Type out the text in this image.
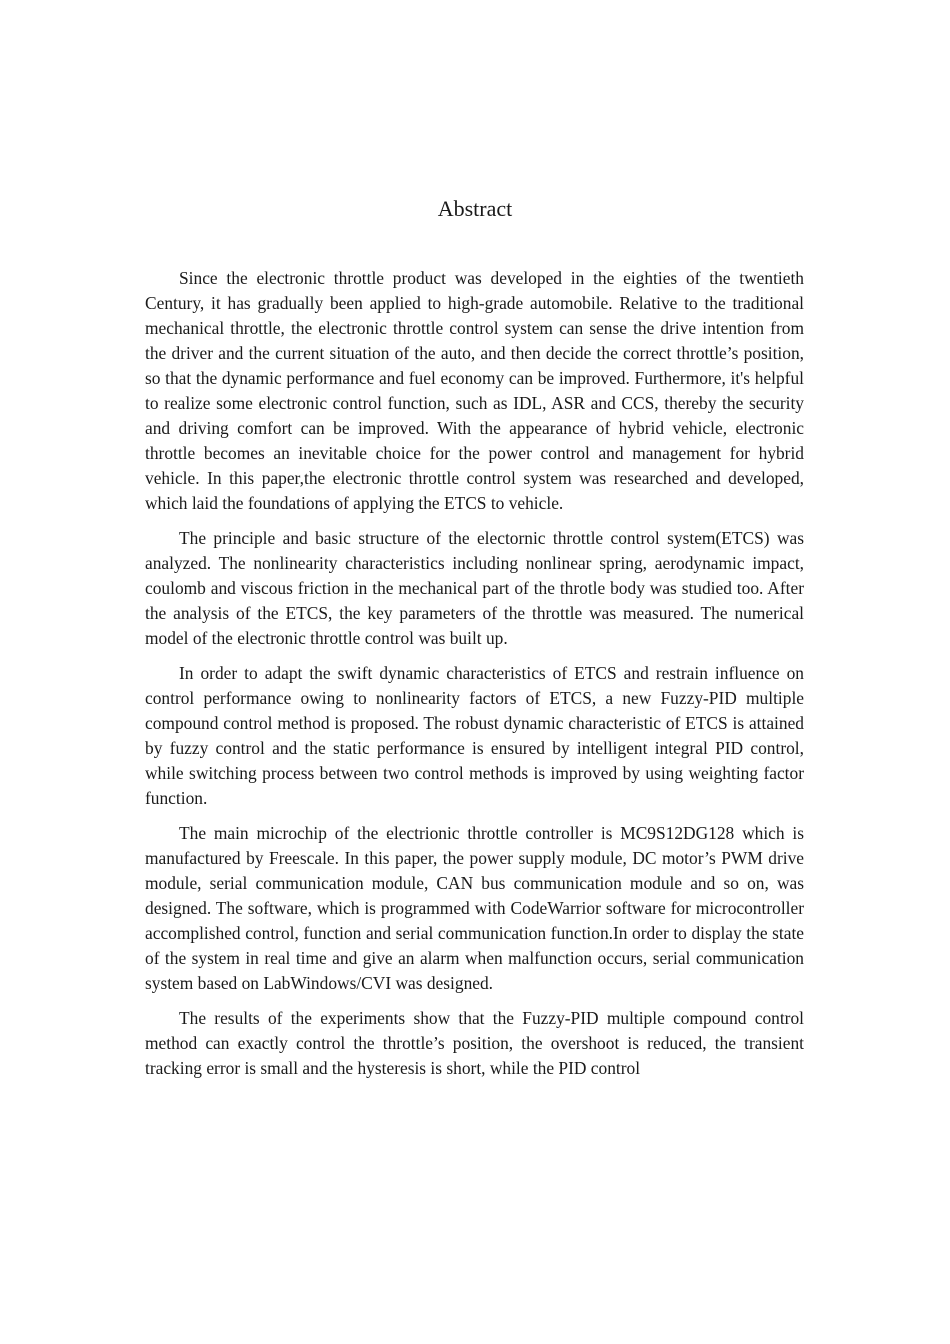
Abstract

Since the electronic throttle product was developed in the eighties of the twentieth Century, it has gradually been applied to high-grade automobile. Relative to the traditional mechanical throttle, the electronic throttle control system can sense the drive intention from the driver and the current situation of the auto, and then decide the correct throttle’s position, so that the dynamic performance and fuel economy can be improved. Furthermore, it's helpful to realize some electronic control function, such as IDL, ASR and CCS, thereby the security and driving comfort can be improved. With the appearance of hybrid vehicle, electronic throttle becomes an inevitable choice for the power control and management for hybrid vehicle. In this paper,the electronic throttle control system was researched and developed, which laid the foundations of applying the ETCS to vehicle.

The principle and basic structure of the electornic throttle control system(ETCS) was analyzed. The nonlinearity characteristics including nonlinear spring, aerodynamic impact, coulomb and viscous friction in the mechanical part of the throtle body was studied too. After the analysis of the ETCS, the key parameters of the throttle was measured. The numerical model of the electronic throttle control was built up.

In order to adapt the swift dynamic characteristics of ETCS and restrain influence on control performance owing to nonlinearity factors of ETCS, a new Fuzzy-PID multiple compound control method is proposed. The robust dynamic characteristic of ETCS is attained by fuzzy control and the static performance is ensured by intelligent integral PID control, while switching process between two control methods is improved by using weighting factor function.

The main microchip of the electrionic throttle controller is MC9S12DG128 which is manufactured by Freescale. In this paper, the power supply module, DC motor’s PWM drive module, serial communication module, CAN bus communication module and so on, was designed. The software, which is programmed with CodeWarrior software for microcontroller accomplished control, function and serial communication function.In order to display the state of the system in real time and give an alarm when malfunction occurs, serial communication system based on LabWindows/CVI was designed.

The results of the experiments show that the Fuzzy-PID multiple compound control method can exactly control the throttle’s position, the overshoot is reduced, the transient tracking error is small and the hysteresis is short, while the PID control
